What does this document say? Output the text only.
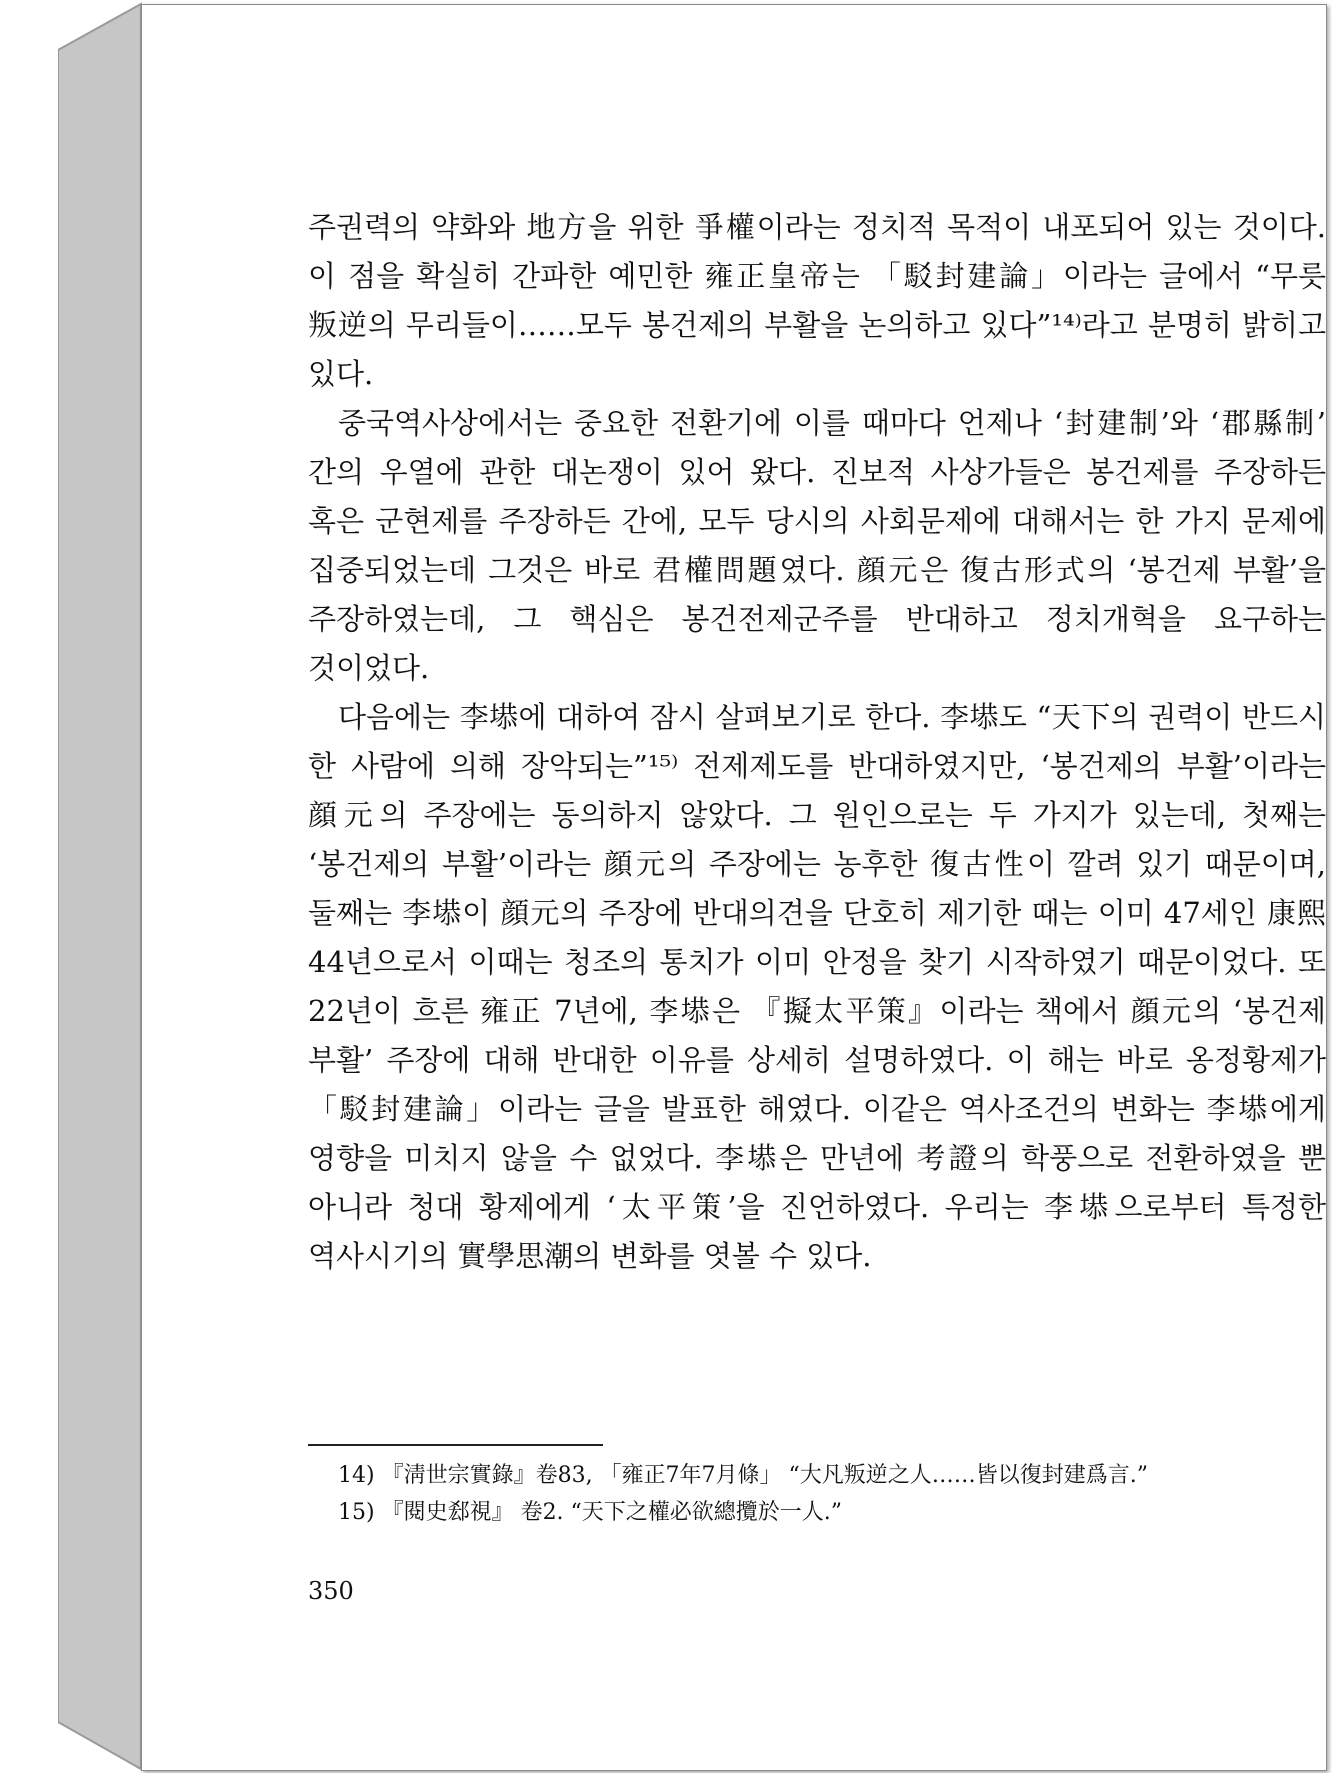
주권력의 약화와 地方을 위한 爭權이라는 정치적 목적이 내포되어 있는 것이다. 이 점을 확실히 간파한 예민한 雍正皇帝는 「駁封建論」이라는 글에서 “무릇 叛逆의 무리들이……모두 봉건제의 부활을 논의하고 있다”¹⁴⁾라고 분명히 밝히고 있다.

중국역사상에서는 중요한 전환기에 이를 때마다 언제나 ‘封建制’와 ‘郡縣制’ 간의 우열에 관한 대논쟁이 있어 왔다. 진보적 사상가들은 봉건제를 주장하든 혹은 군현제를 주장하든 간에, 모두 당시의 사회문제에 대해서는 한 가지 문제에 집중되었는데 그것은 바로 君權問題였다. 顔元은 復古形式의 ‘봉건제 부활’을 주장하였는데, 그 핵심은 봉건전제군주를 반대하고 정치개혁을 요구하는 것이었다.

다음에는 李塨에 대하여 잠시 살펴보기로 한다. 李塨도 “天下의 권력이 반드시 한 사람에 의해 장악되는”¹⁵⁾ 전제제도를 반대하였지만, ‘봉건제의 부활’이라는 顔元의 주장에는 동의하지 않았다. 그 원인으로는 두 가지가 있는데, 첫째는 ‘봉건제의 부활’이라는 顔元의 주장에는 농후한 復古性이 깔려 있기 때문이며, 둘째는 李塨이 顔元의 주장에 반대의견을 단호히 제기한 때는 이미 47세인 康熙 44년으로서 이때는 청조의 통치가 이미 안정을 찾기 시작하였기 때문이었다. 또 22년이 흐른 雍正 7년에, 李塨은 『擬太平策』이라는 책에서 顔元의 ‘봉건제 부활’ 주장에 대해 반대한 이유를 상세히 설명하였다. 이 해는 바로 옹정황제가 「駁封建論」이라는 글을 발표한 해였다. 이같은 역사조건의 변화는 李塨에게 영향을 미치지 않을 수 없었다. 李塨은 만년에 考證의 학풍으로 전환하였을 뿐 아니라 청대 황제에게 ‘太平策’을 진언하였다. 우리는 李塨으로부터 특정한 역사시기의 實學思潮의 변화를 엿볼 수 있다.

14) 『淸世宗實錄』卷83, 「雍正7年7月條」 “大凡叛逆之人……皆以復封建爲言.”

15) 『閱史郄視』 卷2. “天下之權必欲總攬於一人.”

350
